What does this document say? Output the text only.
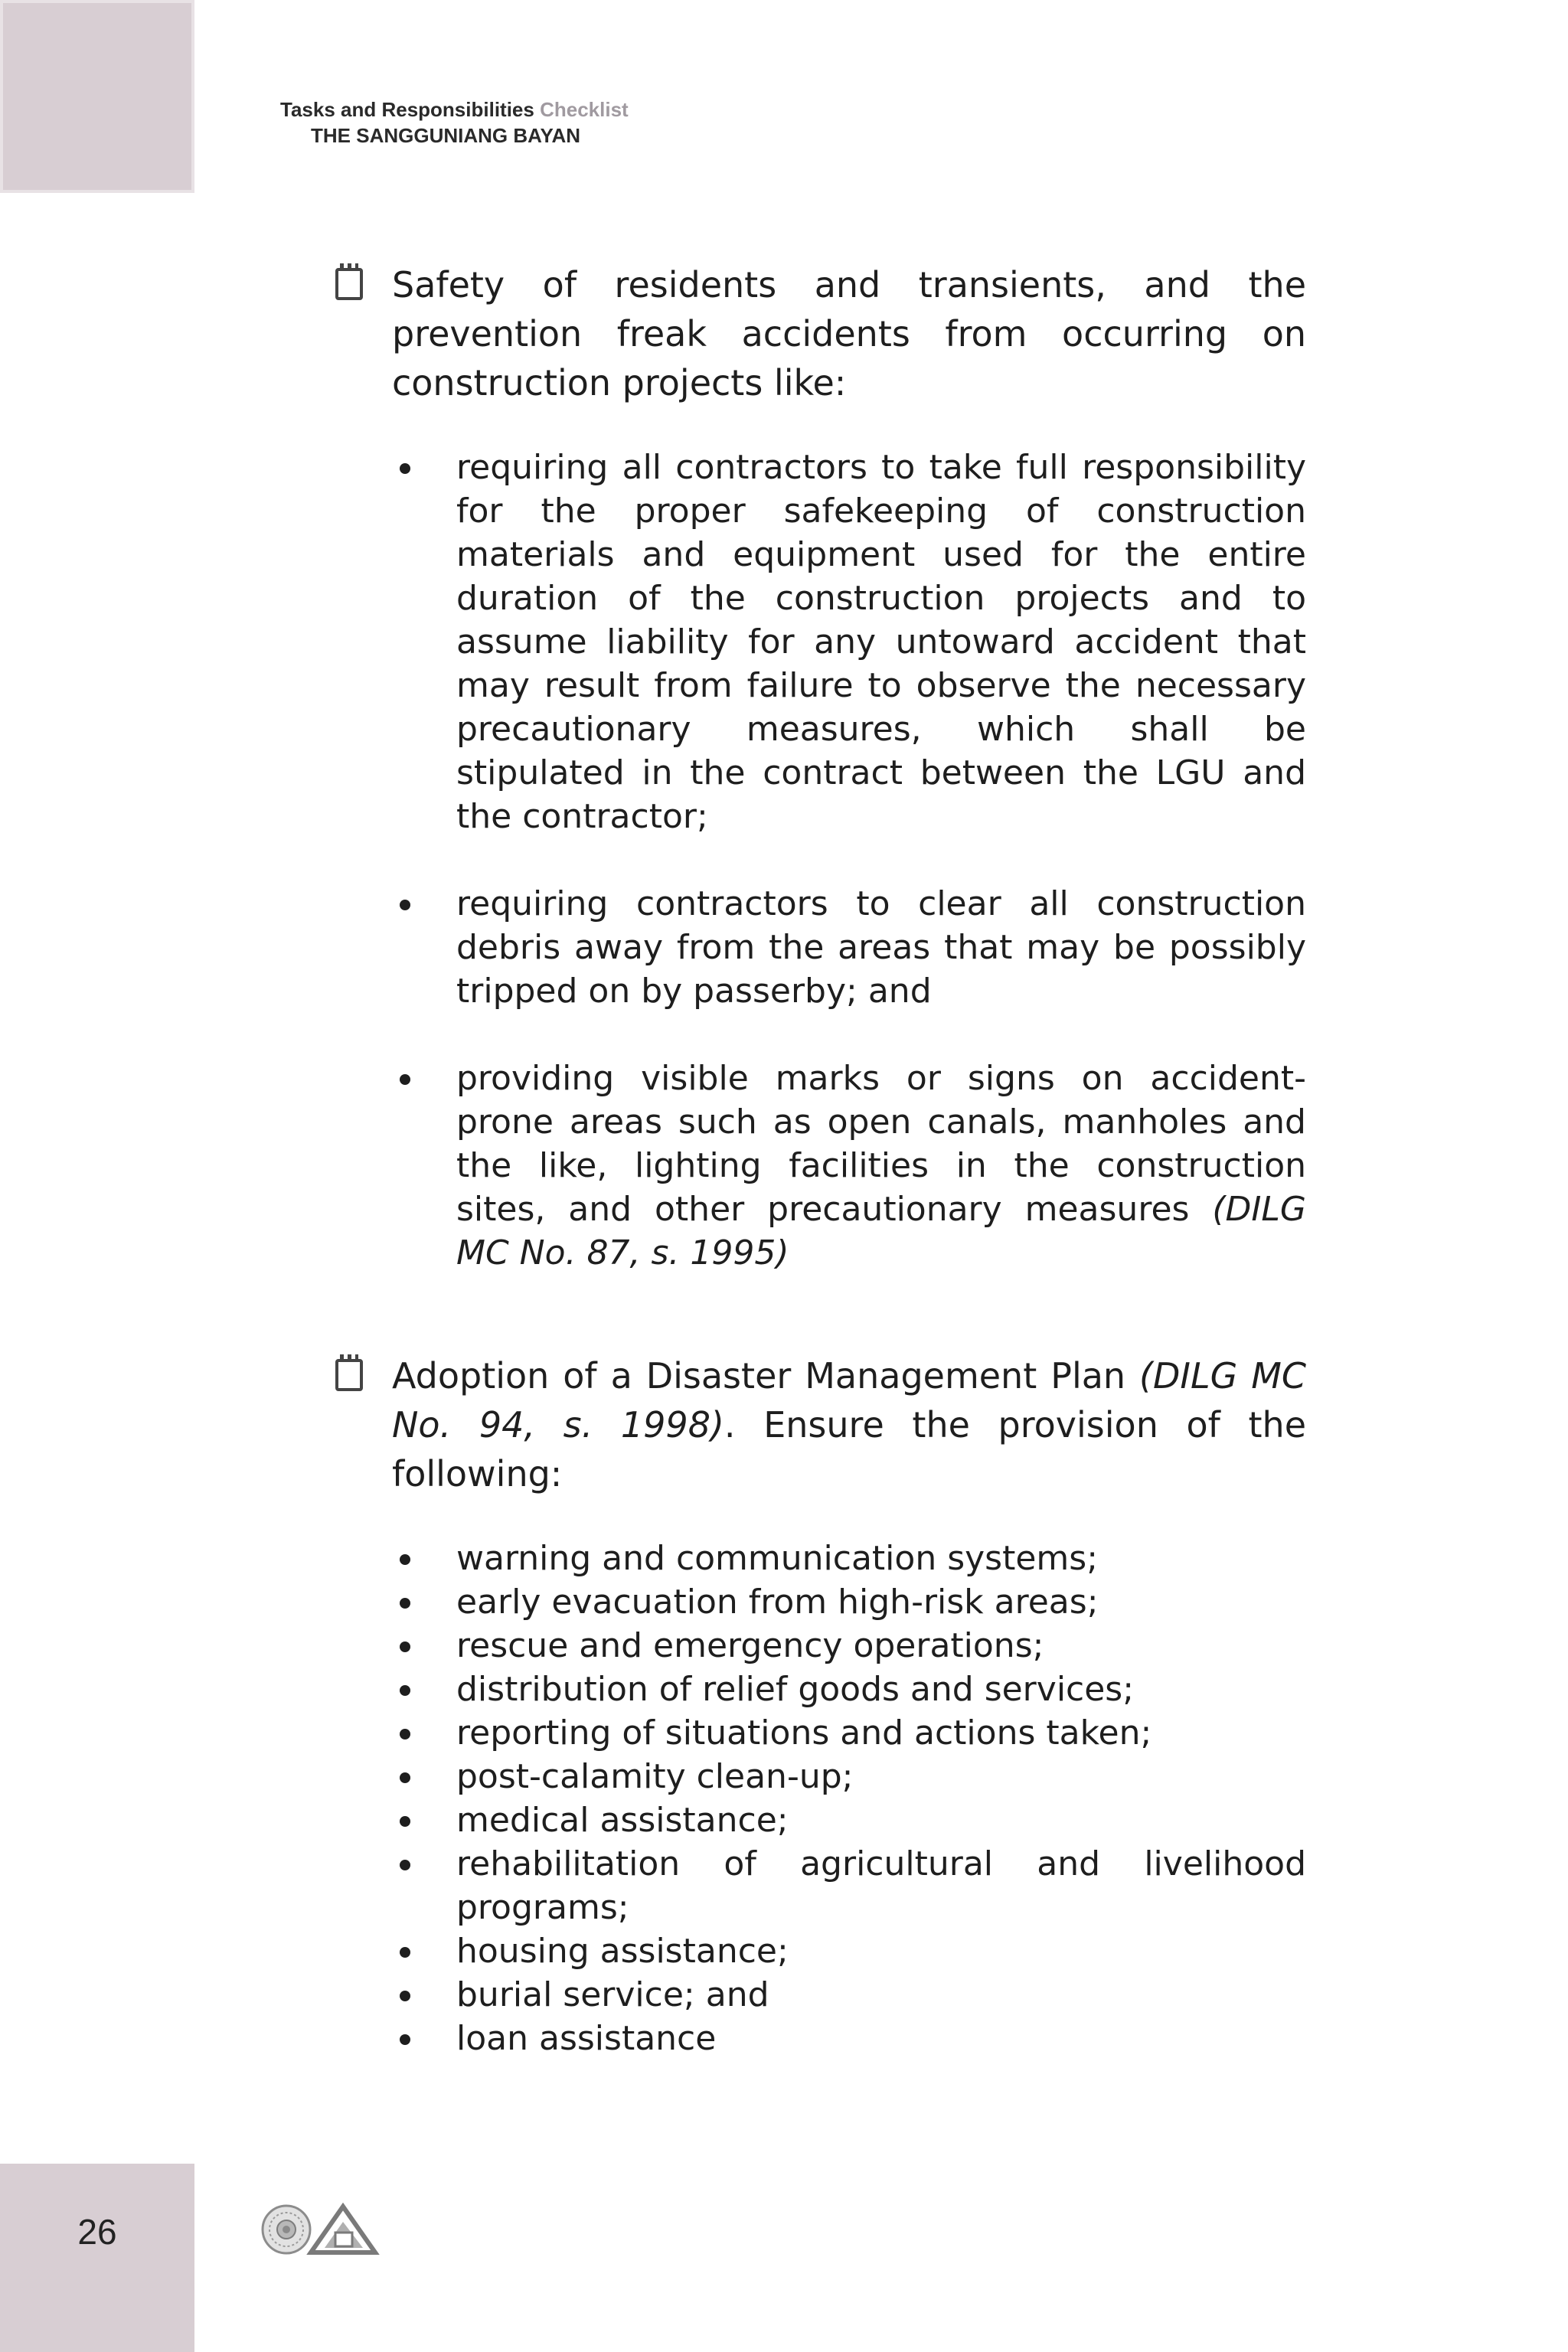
Tasks and Responsibilities Checklist
THE SANGGUNIANG BAYAN

Safety of residents and transients, and the prevention freak accidents from occurring on construction projects like:

requiring all contractors to take full responsibility for the proper safekeeping of construction materials and equipment used for the entire duration of the construction projects and to assume liability for any untoward accident that may result from failure to observe the necessary precautionary measures, which shall be stipulated in the contract between the LGU and the contractor;
requiring contractors to clear all construction debris away from the areas that may be possibly tripped on by passerby; and
providing visible marks or signs on accident-prone areas such as open canals, manholes and the like, lighting facilities in the construction sites, and other precautionary measures (DILG MC No. 87, s. 1995)

Adoption of a Disaster Management Plan (DILG MC No. 94, s. 1998). Ensure the provision of the following:

warning and communication systems;
early evacuation from high-risk areas;
rescue and emergency operations;
distribution of relief goods and services;
reporting of situations and actions taken;
post-calamity clean-up;
medical assistance;
rehabilitation of agricultural and livelihood programs;
housing assistance;
burial service; and
loan assistance
26
